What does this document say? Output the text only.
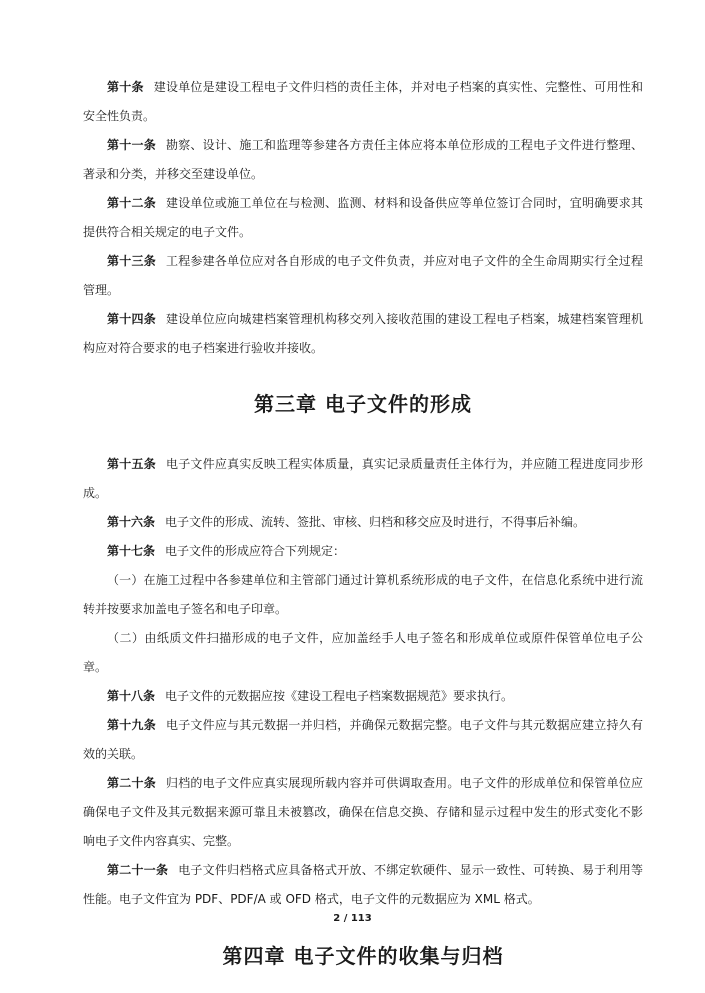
第十条 建设单位是建设工程电子文件归档的责任主体，并对电子档案的真实性、完整性、可用性和安全性负责。

第十一条 勘察、设计、施工和监理等参建各方责任主体应将本单位形成的工程电子文件进行整理、著录和分类，并移交至建设单位。

第十二条 建设单位或施工单位在与检测、监测、材料和设备供应等单位签订合同时，宜明确要求其提供符合相关规定的电子文件。

第十三条 工程参建各单位应对各自形成的电子文件负责，并应对电子文件的全生命周期实行全过程管理。

第十四条 建设单位应向城建档案管理机构移交列入接收范围的建设工程电子档案，城建档案管理机构应对符合要求的电子档案进行验收并接收。

第三章 电子文件的形成

第十五条 电子文件应真实反映工程实体质量，真实记录质量责任主体行为，并应随工程进度同步形成。

第十六条 电子文件的形成、流转、签批、审核、归档和移交应及时进行，不得事后补编。

第十七条 电子文件的形成应符合下列规定：

（一）在施工过程中各参建单位和主管部门通过计算机系统形成的电子文件，在信息化系统中进行流转并按要求加盖电子签名和电子印章。

（二）由纸质文件扫描形成的电子文件，应加盖经手人电子签名和形成单位或原件保管单位电子公章。

第十八条 电子文件的元数据应按《建设工程电子档案数据规范》要求执行。

第十九条 电子文件应与其元数据一并归档，并确保元数据完整。电子文件与其元数据应建立持久有效的关联。

第二十条 归档的电子文件应真实展现所载内容并可供调取查用。电子文件的形成单位和保管单位应确保电子文件及其元数据来源可靠且未被篡改，确保在信息交换、存储和显示过程中发生的形式变化不影响电子文件内容真实、完整。

第二十一条 电子文件归档格式应具备格式开放、不绑定软硬件、显示一致性、可转换、易于利用等性能。电子文件宜为 PDF、PDF/A 或 OFD 格式，电子文件的元数据应为 XML 格式。

第四章 电子文件的收集与归档
2 / 113
